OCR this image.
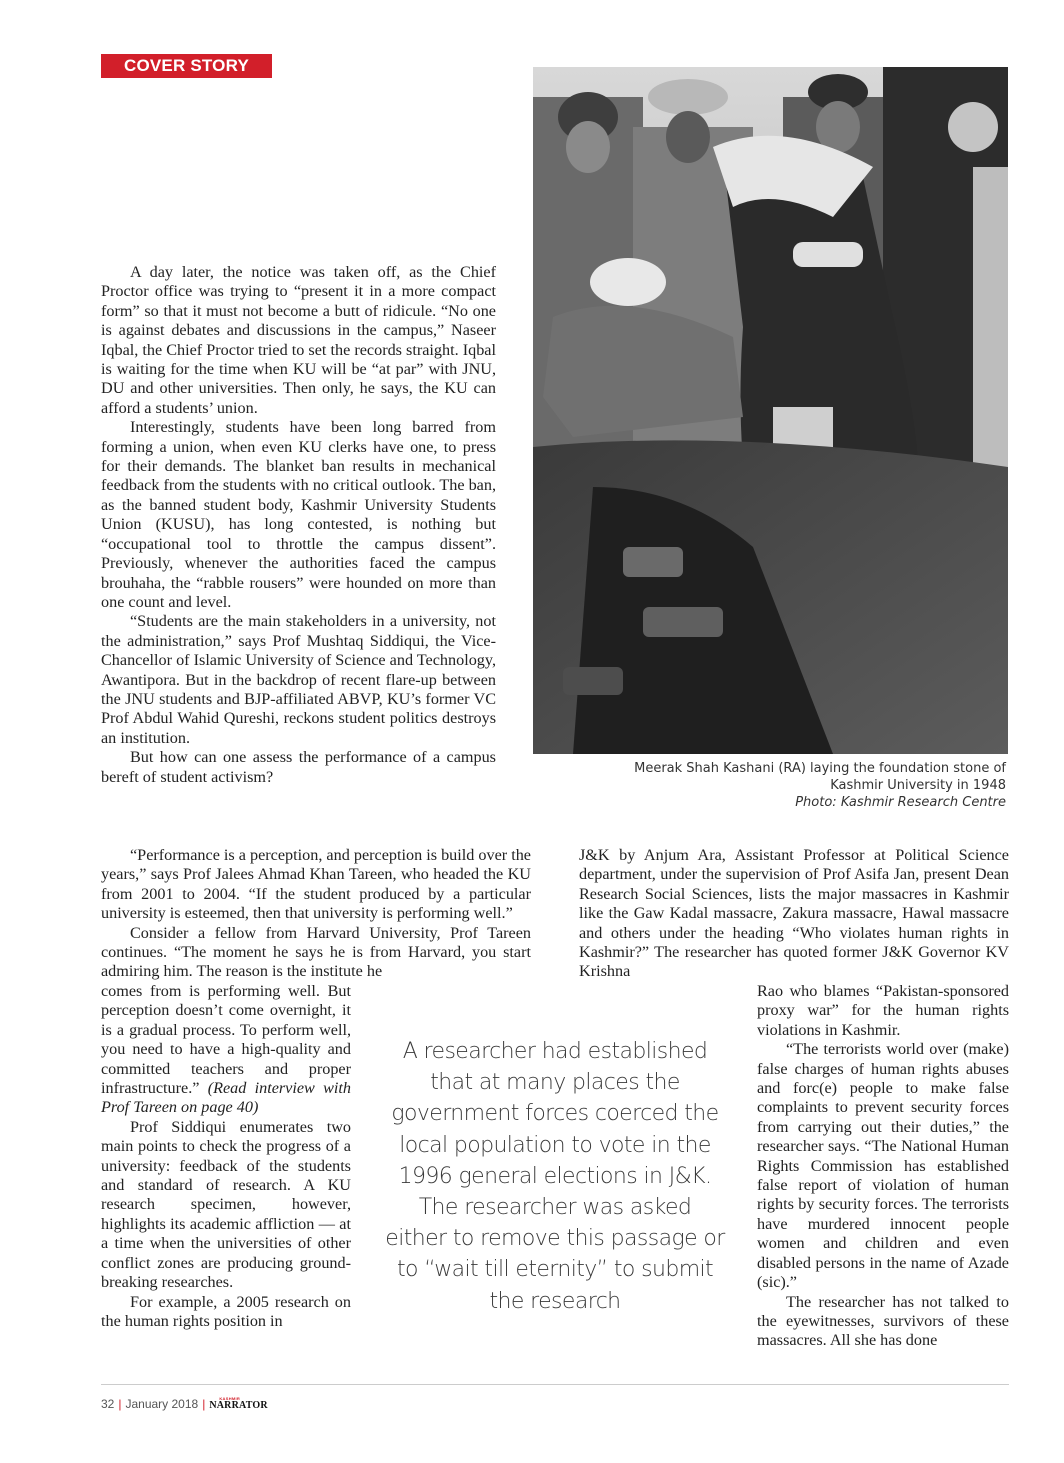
COVER STORY

A day later, the notice was taken off, as the Chief Proctor office was trying to “present it in a more compact form” so that it must not become a butt of ridicule. “No one is against debates and discussions in the campus,” Naseer Iqbal, the Chief Proctor tried to set the records straight. Iqbal is waiting for the time when KU will be “at par” with JNU, DU and other universities. Then only, he says, the KU can afford a students’ union.

Interestingly, students have been long barred from forming a union, when even KU clerks have one, to press for their demands. The blanket ban results in mechanical feedback from the students with no critical outlook. The ban, as the banned student body, Kashmir University Students Union (KUSU), has long contested, is nothing but “occupational tool to throttle the campus dissent”. Previously, whenever the authorities faced the campus brouhaha, the “rabble rousers” were hounded on more than one count and level.

“Students are the main stakeholders in a university, not the administration,” says Prof Mushtaq Siddiqui, the Vice-Chancellor of Islamic University of Science and Technology, Awantipora. But in the backdrop of recent flare-up between the JNU students and BJP-affiliated ABVP, KU’s former VC Prof Abdul Wahid Qureshi, reckons student politics destroys an institution.

But how can one assess the performance of a campus bereft of student activism?

“Performance is a perception, and perception is build over the years,” says Prof Jalees Ahmad Khan Tareen, who headed the KU from 2001 to 2004. “If the student produced by a particular university is esteemed, then that university is performing well.”

Consider a fellow from Harvard University, Prof Tareen continues. “The moment he says he is from Harvard, you start admiring him. The reason is the institute he

comes from is performing well. But perception doesn’t come overnight, it is a gradual process. To perform well, you need to have a high-quality and committed teachers and proper infrastructure.” (Read interview with Prof Tareen on page 40)

Prof Siddiqui enumerates two main points to check the progress of a university: feedback of the students and standard of research. A KU research specimen, however, highlights its academic affliction — at a time when the universities of other conflict zones are producing ground-breaking researches.

For example, a 2005 research on the human rights position in

Meerak Shah Kashani (RA) laying the foundation stone of
Kashmir University in 1948
Photo: Kashmir Research Centre

J&K by Anjum Ara, Assistant Professor at Political Science department, under the supervision of Prof Asifa Jan, present Dean Research Social Sciences, lists the major massacres in Kashmir like the Gaw Kadal massacre, Zakura massacre, Hawal massacre and others under the heading “Who violates human rights in Kashmir?” The researcher has quoted former J&K Governor KV Krishna

Rao who blames “Pakistan-sponsored proxy war” for the human rights violations in Kashmir.

“The terrorists world over (make) false charges of human rights abuses and forc(e) people to make false complaints to prevent security forces from carrying out their duties,” the researcher says. “The National Human Rights Commission has established false report of violation of human rights by security forces. The terrorists have murdered innocent people women and children and even disabled persons in the name of Azade (sic).”

The researcher has not talked to the eyewitnesses, survivors of these massacres. All she has done

A researcher had established that at many places the government forces coerced the local population to vote in the 1996 general elections in J&K. The researcher was asked either to remove this passage or to “wait till eternity” to submit the research
32 | January 2018 |	KASHMIR
NARRATOR
